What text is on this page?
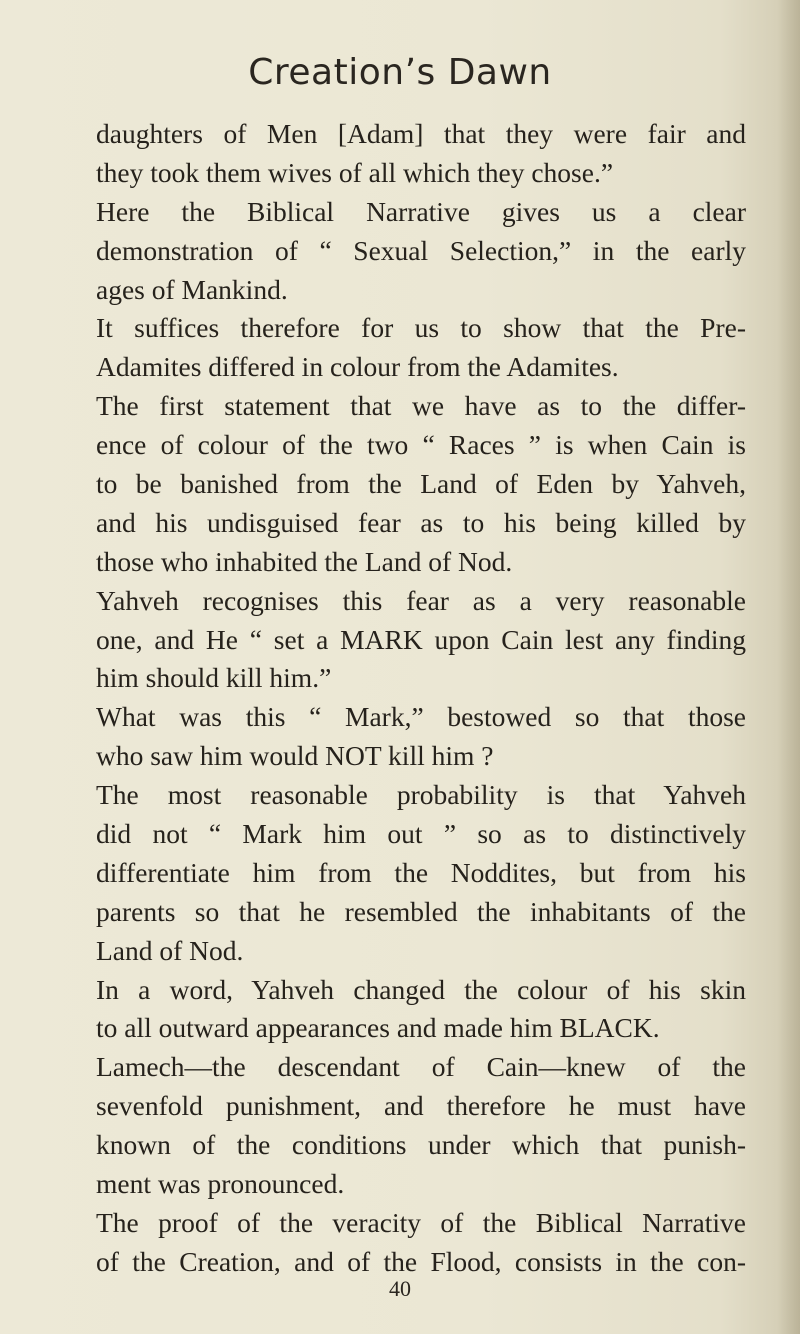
Creation’s Dawn
daughters of Men [Adam] that they were fair and
they took them wives of all which they chose.”
Here the Biblical Narrative gives us a clear
demonstration of “ Sexual Selection,” in the early
ages of Mankind.
It suffices therefore for us to show that the Pre-
Adamites differed in colour from the Adamites.
The first statement that we have as to the differ-
ence of colour of the two “ Races ” is when Cain is
to be banished from the Land of Eden by Yahveh,
and his undisguised fear as to his being killed by
those who inhabited the Land of Nod.
Yahveh recognises this fear as a very reasonable
one, and He “ set a MARK upon Cain lest any finding
him should kill him.”
What was this “ Mark,” bestowed so that those
who saw him would NOT kill him ?
The most reasonable probability is that Yahveh
did not “ Mark him out ” so as to distinctively
differentiate him from the Noddites, but from his
parents so that he resembled the inhabitants of the
Land of Nod.
In a word, Yahveh changed the colour of his skin
to all outward appearances and made him BLACK.
Lamech—the descendant of Cain—knew of the
sevenfold punishment, and therefore he must have
known of the conditions under which that punish-
ment was pronounced.
The proof of the veracity of the Biblical Narrative
of the Creation, and of the Flood, consists in the con-
40
